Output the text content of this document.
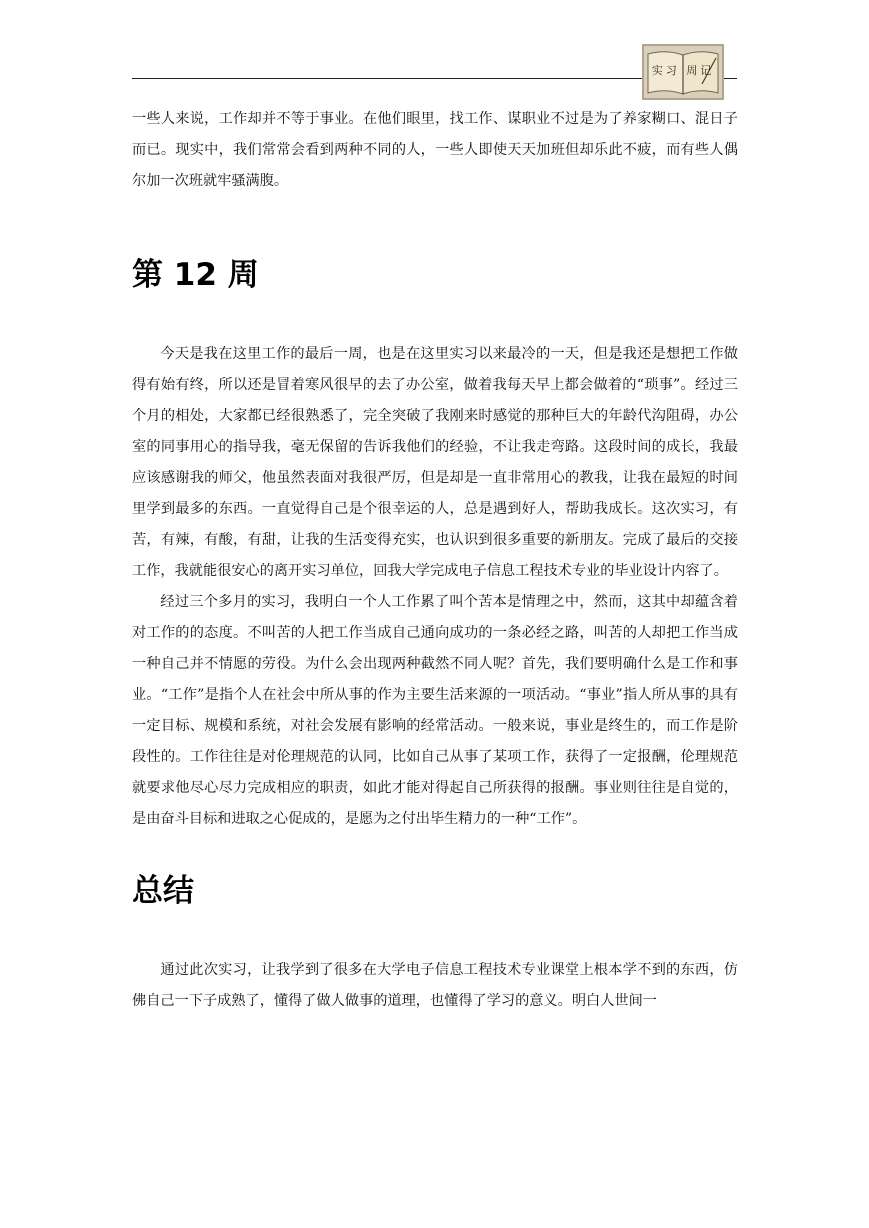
实习 周记

一些人来说，工作却并不等于事业。在他们眼里，找工作、谋职业不过是为了养家糊口、混日子而已。现实中，我们常常会看到两种不同的人，一些人即使天天加班但却乐此不疲，而有些人偶尔加一次班就牢骚满腹。

第 12 周

今天是我在这里工作的最后一周，也是在这里实习以来最冷的一天，但是我还是想把工作做得有始有终，所以还是冒着寒风很早的去了办公室，做着我每天早上都会做着的“琐事”。经过三个月的相处，大家都已经很熟悉了，完全突破了我刚来时感觉的那种巨大的年龄代沟阻碍，办公室的同事用心的指导我，毫无保留的告诉我他们的经验，不让我走弯路。这段时间的成长，我最应该感谢我的师父，他虽然表面对我很严厉，但是却是一直非常用心的教我，让我在最短的时间里学到最多的东西。一直觉得自己是个很幸运的人，总是遇到好人，帮助我成长。这次实习，有苦，有辣，有酸，有甜，让我的生活变得充实，也认识到很多重要的新朋友。完成了最后的交接工作，我就能很安心的离开实习单位，回我大学完成电子信息工程技术专业的毕业设计内容了。

经过三个多月的实习，我明白一个人工作累了叫个苦本是情理之中，然而，这其中却蕴含着对工作的的态度。不叫苦的人把工作当成自己通向成功的一条必经之路，叫苦的人却把工作当成一种自己并不情愿的劳役。为什么会出现两种截然不同人呢？首先，我们要明确什么是工作和事业。“工作”是指个人在社会中所从事的作为主要生活来源的一项活动。“事业”指人所从事的具有一定目标、规模和系统，对社会发展有影响的经常活动。一般来说，事业是终生的，而工作是阶段性的。工作往往是对伦理规范的认同，比如自己从事了某项工作，获得了一定报酬，伦理规范就要求他尽心尽力完成相应的职责，如此才能对得起自己所获得的报酬。事业则往往是自觉的，是由奋斗目标和进取之心促成的，是愿为之付出毕生精力的一种“工作”。

总结

通过此次实习，让我学到了很多在大学电子信息工程技术专业课堂上根本学不到的东西，仿佛自己一下子成熟了，懂得了做人做事的道理，也懂得了学习的意义。明白人世间一
